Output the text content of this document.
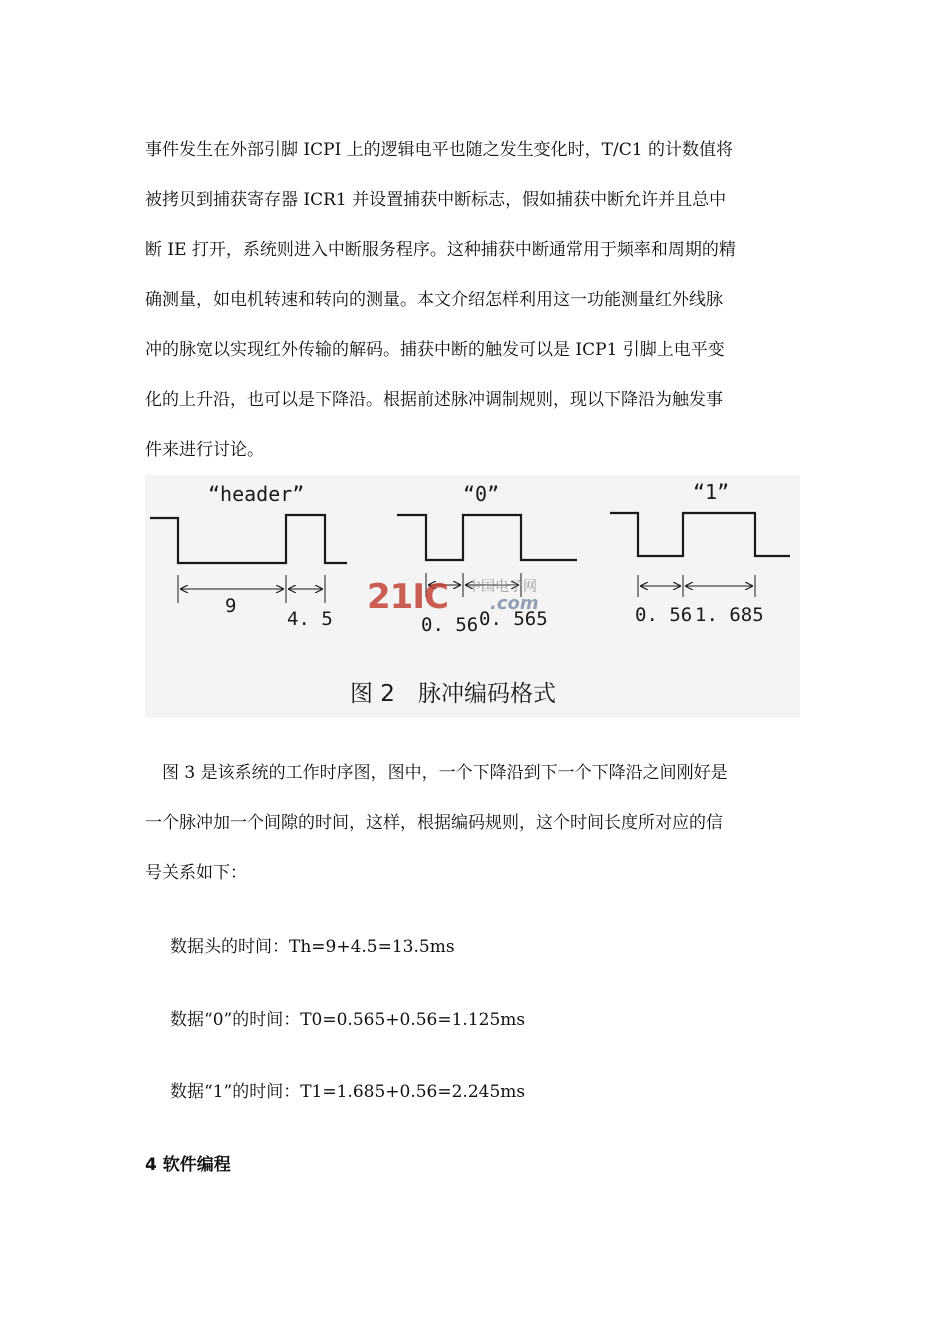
事件发生在外部引脚 ICPI 上的逻辑电平也随之发生变化时，T/C1 的计数值将
被拷贝到捕获寄存器 ICR1 并设置捕获中断标志，假如捕获中断允许并且总中
断 IE 打开，系统则进入中断服务程序。这种捕获中断通常用于频率和周期的精
确测量，如电机转速和转向的测量。本文介绍怎样利用这一功能测量红外线脉
冲的脉宽以实现红外传输的解码。捕获中断的触发可以是 ICP1 引脚上电平变
化的上升沿，也可以是下降沿。根据前述脉冲调制规则，现以下降沿为触发事
件来进行讨论。

21IC 中国电子网
.com
“header”	“0”	“1”
9
4. 5	0. 56 0. 565	0. 56 1. 685
图 2　脉冲编码格式

　图 3 是该系统的工作时序图，图中，一个下降沿到下一个下降沿之间刚好是
一个脉冲加一个间隙的时间，这样，根据编码规则，这个时间长度所对应的信
号关系如下：

数据头的时间：Th=9+4.5=13.5ms
数据“0”的时间：T0=0.565+0.56=1.125ms
数据“1”的时间：T1=1.685+0.56=2.245ms
4 软件编程
